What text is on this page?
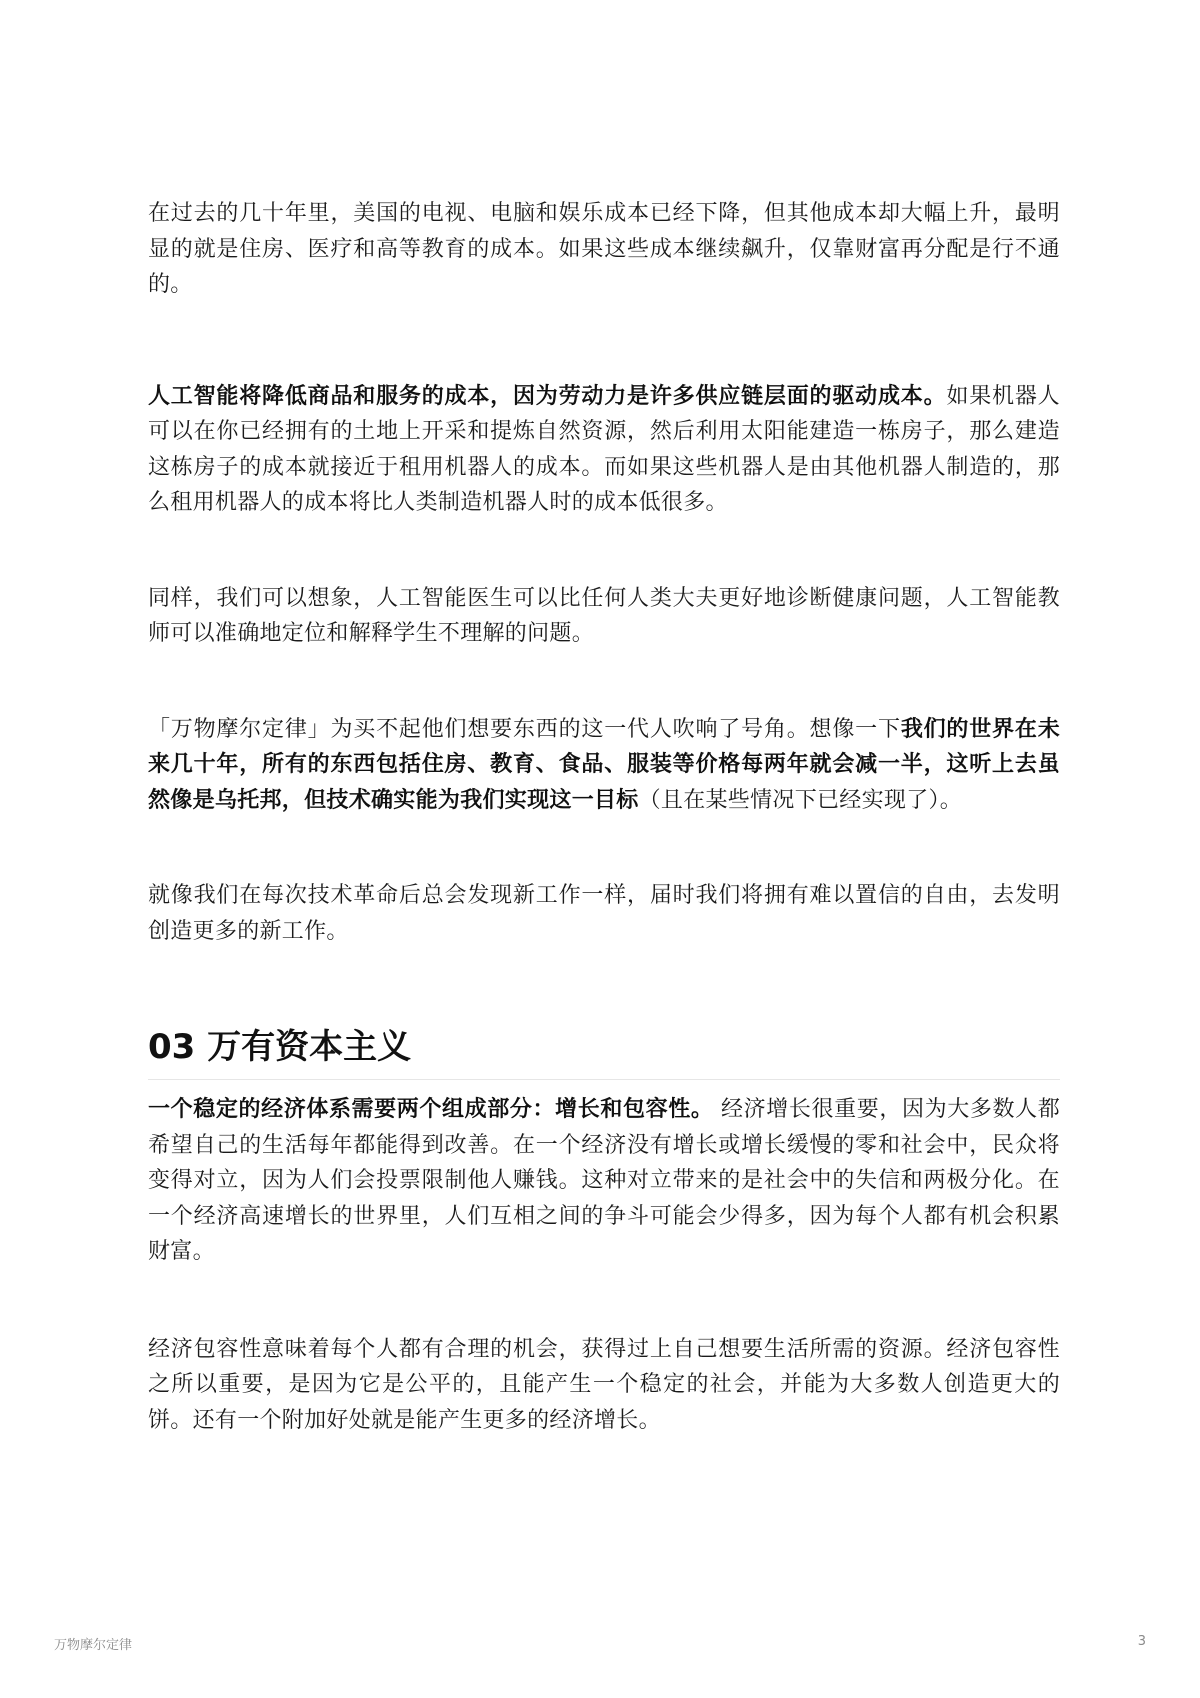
在过去的几十年里，美国的电视、电脑和娱乐成本已经下降，但其他成本却大幅上升，最明显的就是住房、医疗和高等教育的成本。如果这些成本继续飙升，仅靠财富再分配是行不通的。

人工智能将降低商品和服务的成本，因为劳动力是许多供应链层面的驱动成本。如果机器人可以在你已经拥有的土地上开采和提炼自然资源，然后利用太阳能建造一栋房子，那么建造这栋房子的成本就接近于租用机器人的成本。而如果这些机器人是由其他机器人制造的，那么租用机器人的成本将比人类制造机器人时的成本低很多。

同样，我们可以想象，人工智能医生可以比任何人类大夫更好地诊断健康问题，人工智能教师可以准确地定位和解释学生不理解的问题。

「万物摩尔定律」为买不起他们想要东西的这一代人吹响了号角。想像一下我们的世界在未来几十年，所有的东西包括住房、教育、食品、服装等价格每两年就会减一半，这听上去虽然像是乌托邦，但技术确实能为我们实现这一目标（且在某些情况下已经实现了）。

就像我们在每次技术革命后总会发现新工作一样，届时我们将拥有难以置信的自由，去发明创造更多的新工作。

03 万有资本主义

一个稳定的经济体系需要两个组成部分：增长和包容性。 经济增长很重要，因为大多数人都希望自己的生活每年都能得到改善。在一个经济没有增长或增长缓慢的零和社会中，民众将变得对立，因为人们会投票限制他人赚钱。这种对立带来的是社会中的失信和两极分化。在一个经济高速增长的世界里，人们互相之间的争斗可能会少得多，因为每个人都有机会积累财富。

经济包容性意味着每个人都有合理的机会，获得过上自己想要生活所需的资源。经济包容性之所以重要，是因为它是公平的，且能产生一个稳定的社会，并能为大多数人创造更大的饼。还有一个附加好处就是能产生更多的经济增长。

万物摩尔定律	3
